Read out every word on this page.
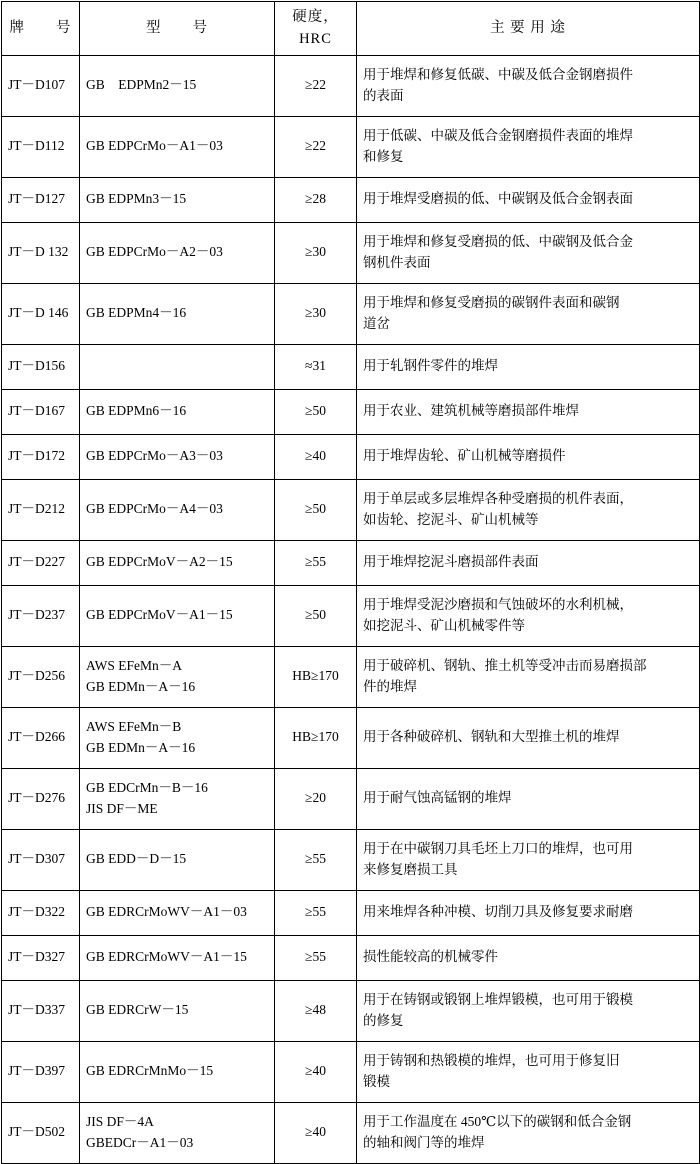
牌　　号	型　　号	硬度，HRC	主 要 用 途
JT－D107	GB　EDPMn2－15	≥22	用于堆焊和修复低碳、中碳及低合金钢磨损件
的表面

JT－D112	GB EDPCrMo－A1－03	≥22	用于低碳、中碳及低合金钢磨损件表面的堆焊
和修复

JT－D127	GB EDPMn3－15	≥28	用于堆焊受磨损的低、中碳钢及低合金钢表面

JT－D 132	GB EDPCrMo－A2－03	≥30	用于堆焊和修复受磨损的低、中碳钢及低合金
钢机件表面

JT－D 146	GB EDPMn4－16	≥30	用于堆焊和修复受磨损的碳钢件表面和碳钢
道岔

JT－D156		≈31	用于轧钢件零件的堆焊

JT－D167	GB EDPMn6－16	≥50	用于农业、建筑机械等磨损部件堆焊

JT－D172	GB EDPCrMo－A3－03	≥40	用于堆焊齿轮、矿山机械等磨损件

JT－D212	GB EDPCrMo－A4－03	≥50	用于单层或多层堆焊各种受磨损的机件表面，
如齿轮、挖泥斗、矿山机械等

JT－D227	GB EDPCrMoV－A2－15	≥55	用于堆焊挖泥斗磨损部件表面

JT－D237	GB EDPCrMoV－A1－15	≥50	用于堆焊受泥沙磨损和气蚀破坏的水利机械，
如挖泥斗、矿山机械零件等

JT－D256	AWS EFeMn－A
GB EDMn－A－16	HB≥170	用于破碎机、钢轨、推土机等受冲击而易磨损部
件的堆焊

JT－D266	AWS EFeMn－B
GB EDMn－A－16	HB≥170	用于各种破碎机、钢轨和大型推土机的堆焊

JT－D276	GB EDCrMn－B－16
JIS DF－ME	≥20	用于耐气蚀高锰钢的堆焊

JT－D307	GB EDD－D－15	≥55	用于在中碳钢刀具毛坯上刀口的堆焊，也可用
来修复磨损工具

JT－D322	GB EDRCrMoWV－A1－03	≥55	用来堆焊各种冲模、切削刀具及修复要求耐磨

JT－D327	GB EDRCrMoWV－A1－15	≥55	损性能较高的机械零件

JT－D337	GB EDRCrW－15	≥48	用于在铸钢或锻钢上堆焊锻模，也可用于锻模
的修复

JT－D397	GB EDRCrMnMo－15	≥40	用于铸钢和热锻模的堆焊，也可用于修复旧
锻模

JT－D502	JIS DF－4A
GBEDCr－A1－03	≥40	用于工作温度在 450℃以下的碳钢和低合金钢
的轴和阀门等的堆焊
